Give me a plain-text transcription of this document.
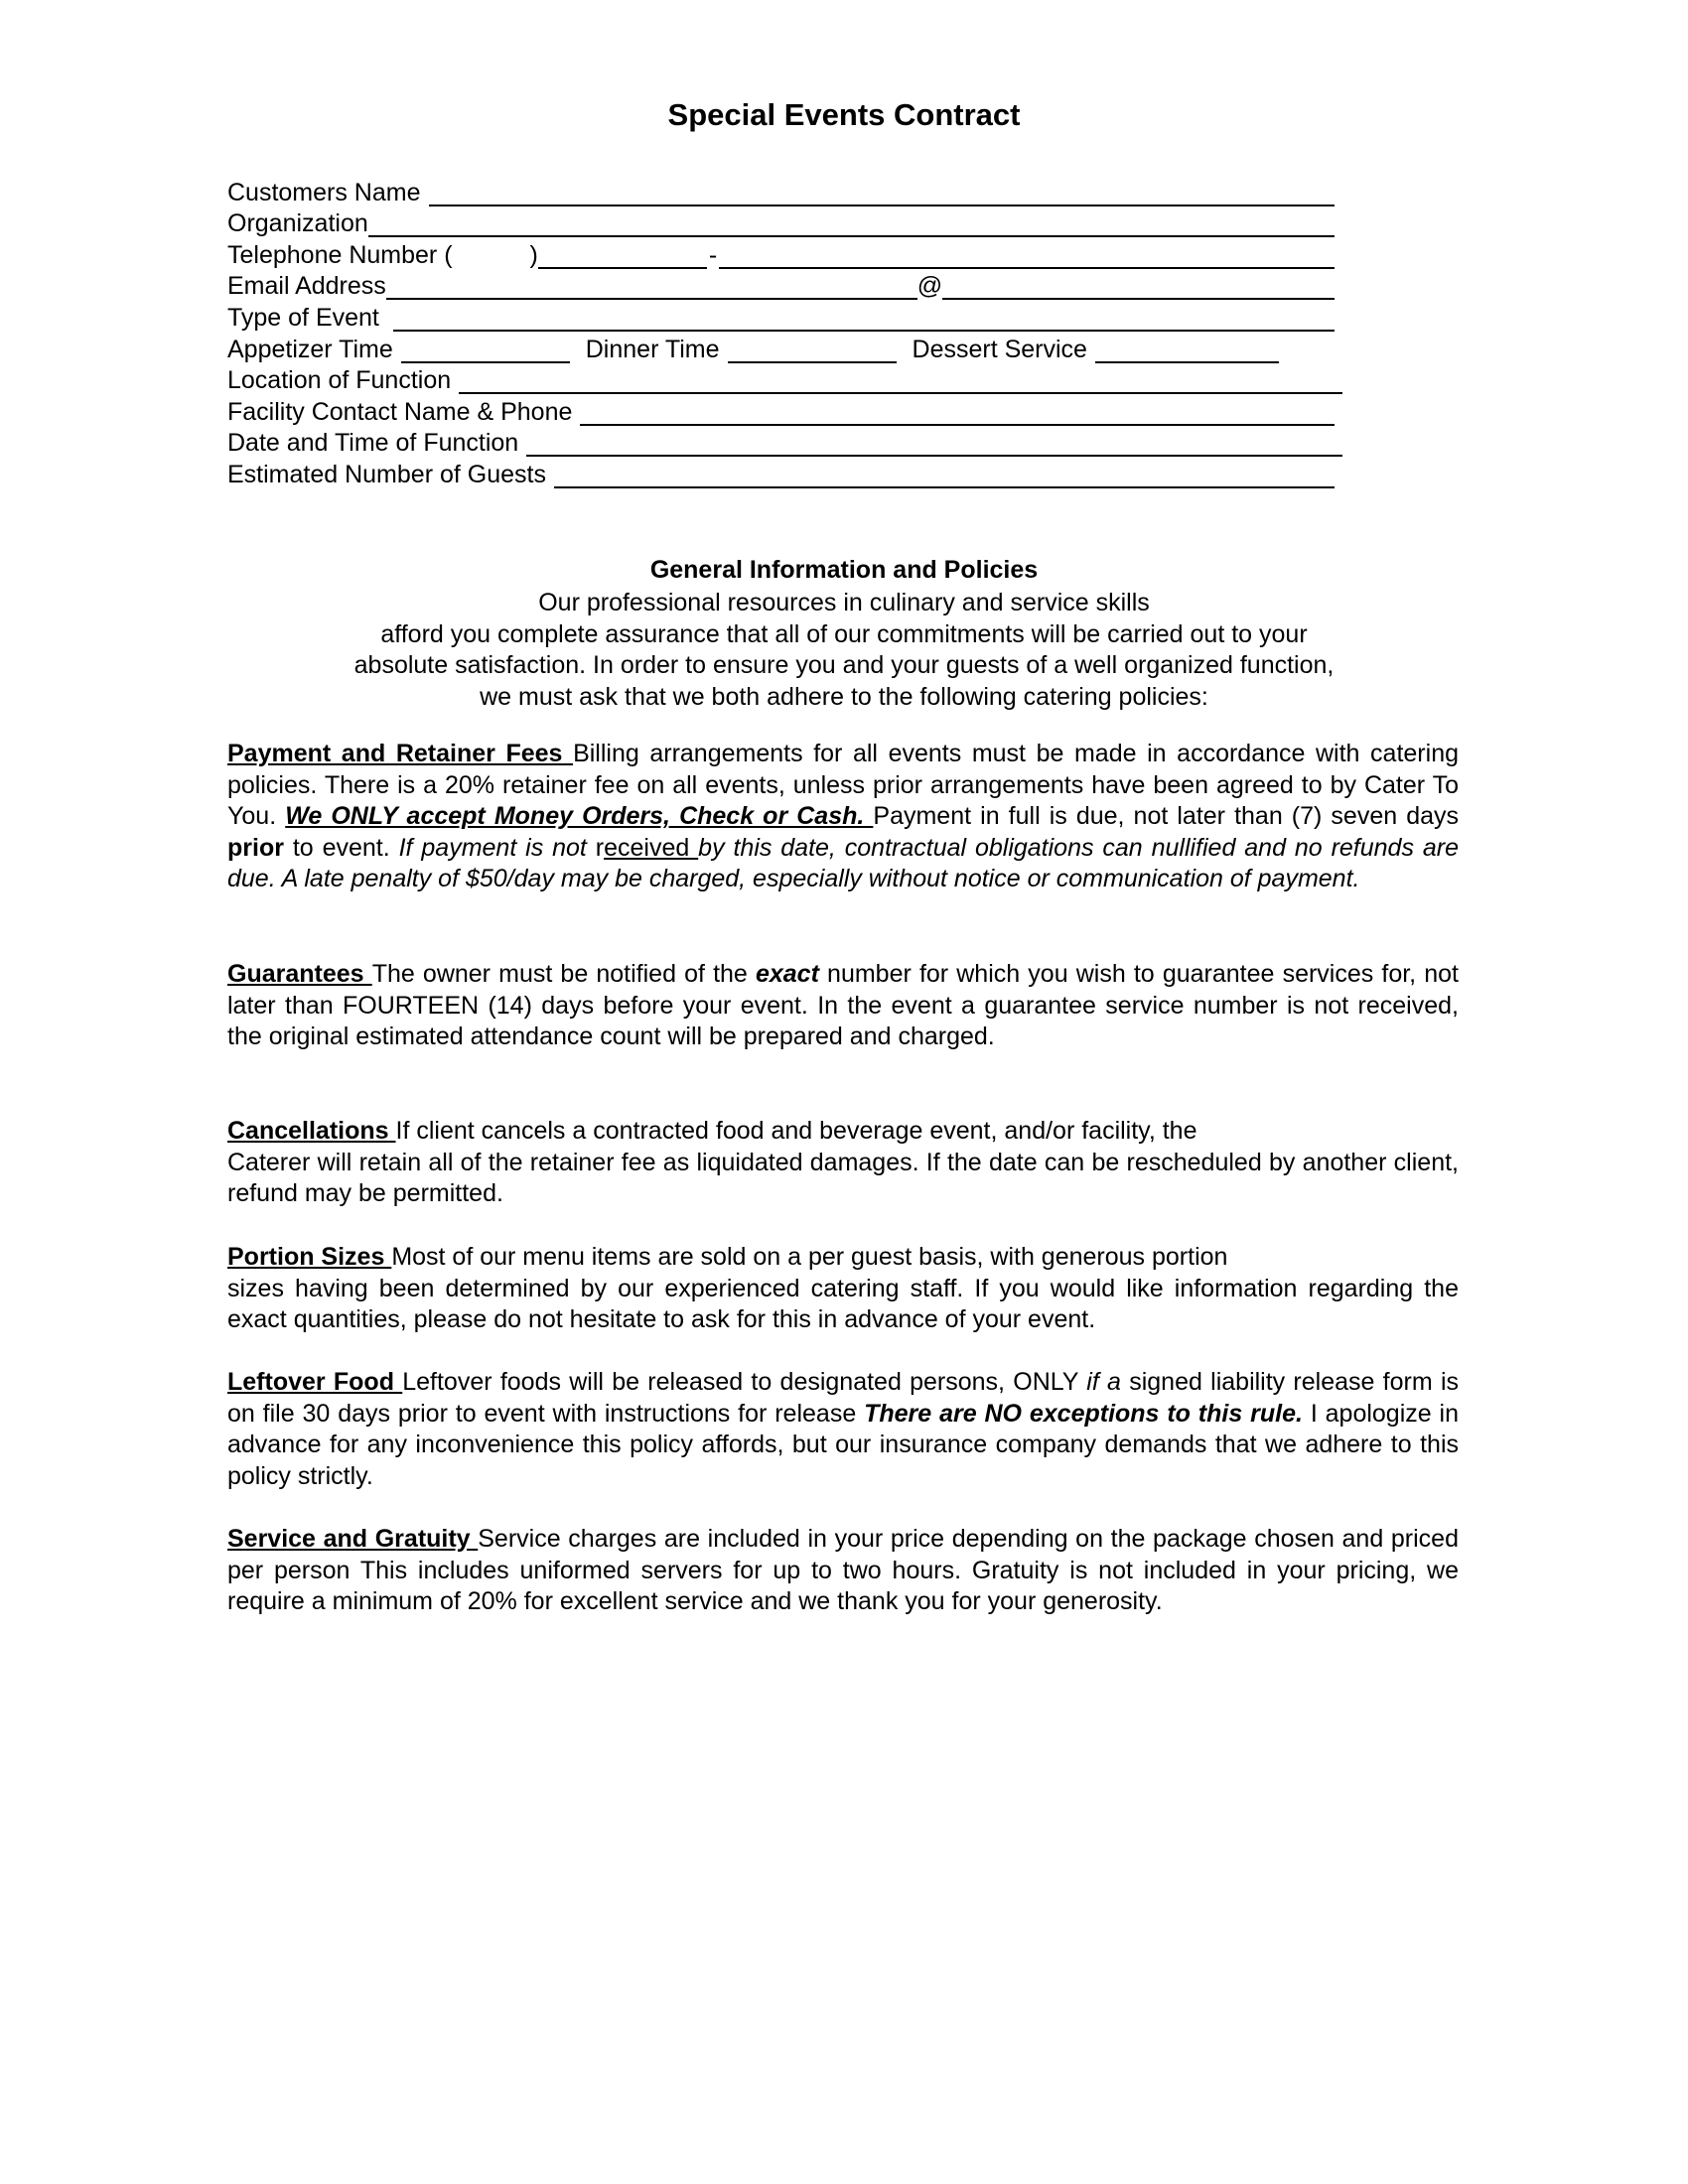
Special Events Contract
Customers Name
Organization
Telephone Number (	)	-
Email Address	@
Type of Event
Appetizer Time	Dinner Time	Dessert Service
Location of Function
Facility Contact Name & Phone
Date and Time of Function
Estimated Number of Guests
General Information and Policies
Our professional resources in culinary and service skills
afford you complete assurance that all of our commitments will be carried out to your
absolute satisfaction. In order to ensure you and your guests of a well organized function,
we must ask that we both adhere to the following catering policies:
Payment and Retainer Fees Billing arrangements for all events must be made in accordance with catering policies. There is a 20% retainer fee on all events, unless prior arrangements have been agreed to by Cater To You. We ONLY accept Money Orders, Check or Cash. Payment in full is due, not later than (7) seven days prior to event. If payment is not received by this date, contractual obligations can nullified and no refunds are due. A late penalty of $50/day may be charged, especially without notice or communication of payment.
Guarantees The owner must be notified of the exact number for which you wish to guarantee services for, not later than FOURTEEN (14) days before your event. In the event a guarantee service number is not received, the original estimated attendance count will be prepared and charged.
Cancellations If client cancels a contracted food and beverage event, and/or facility, the
Caterer will retain all of the retainer fee as liquidated damages. If the date can be rescheduled by another client, refund may be permitted.
Portion Sizes Most of our menu items are sold on a per guest basis, with generous portion
sizes having been determined by our experienced catering staff. If you would like information regarding the exact quantities, please do not hesitate to ask for this in advance of your event.
Leftover Food Leftover foods will be released to designated persons, ONLY if a signed liability release form is on file 30 days prior to event with instructions for release There are NO exceptions to this rule. I apologize in advance for any inconvenience this policy affords, but our insurance company demands that we adhere to this policy strictly.
Service and Gratuity Service charges are included in your price depending on the package chosen and priced per person This includes uniformed servers for up to two hours. Gratuity is not included in your pricing, we require a minimum of 20% for excellent service and we thank you for your generosity.
